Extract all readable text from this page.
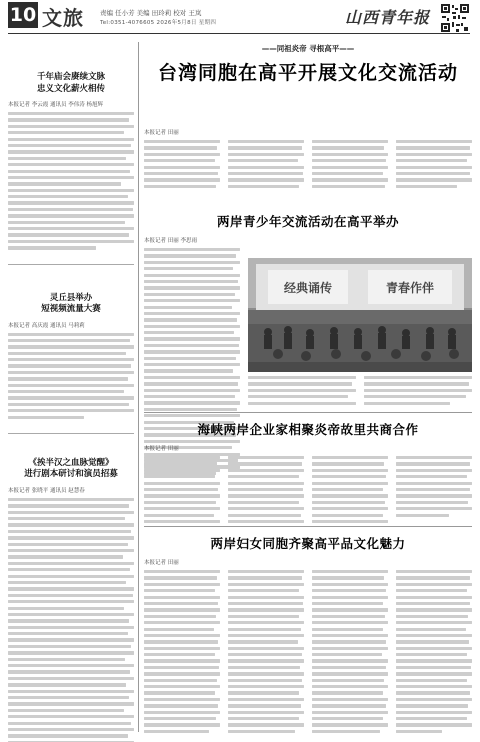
10 文旅 责编 任小芳 美编 田玲莉 校对 王岚
Tel:0351-4076605 2026年5月8日 星期四	山西青年报
千年庙会赓续文脉
忠义文化薪火相传
本报记者 李云霞 通讯员 李伟涛 杨旭辉
灵丘县举办
短视频流量大赛
本报记者 高庆霞 通讯员 马莉莉
《挨半汉之血脉觉醒》
进行剧本研讨和演员招募
本报记者 张晓平 通讯员 赵慧春
——同祖炎帝 寻根高平——
台湾同胞在高平开展文化交流活动
本报记者 田丽
两岸青少年交流活动在高平举办
本报记者 田丽 李思雨
经典诵传	青春作伴
海峡两岸企业家相聚炎帝故里共商合作
本报记者 田丽
两岸妇女同胞齐聚高平品文化魅力
本报记者 田丽
